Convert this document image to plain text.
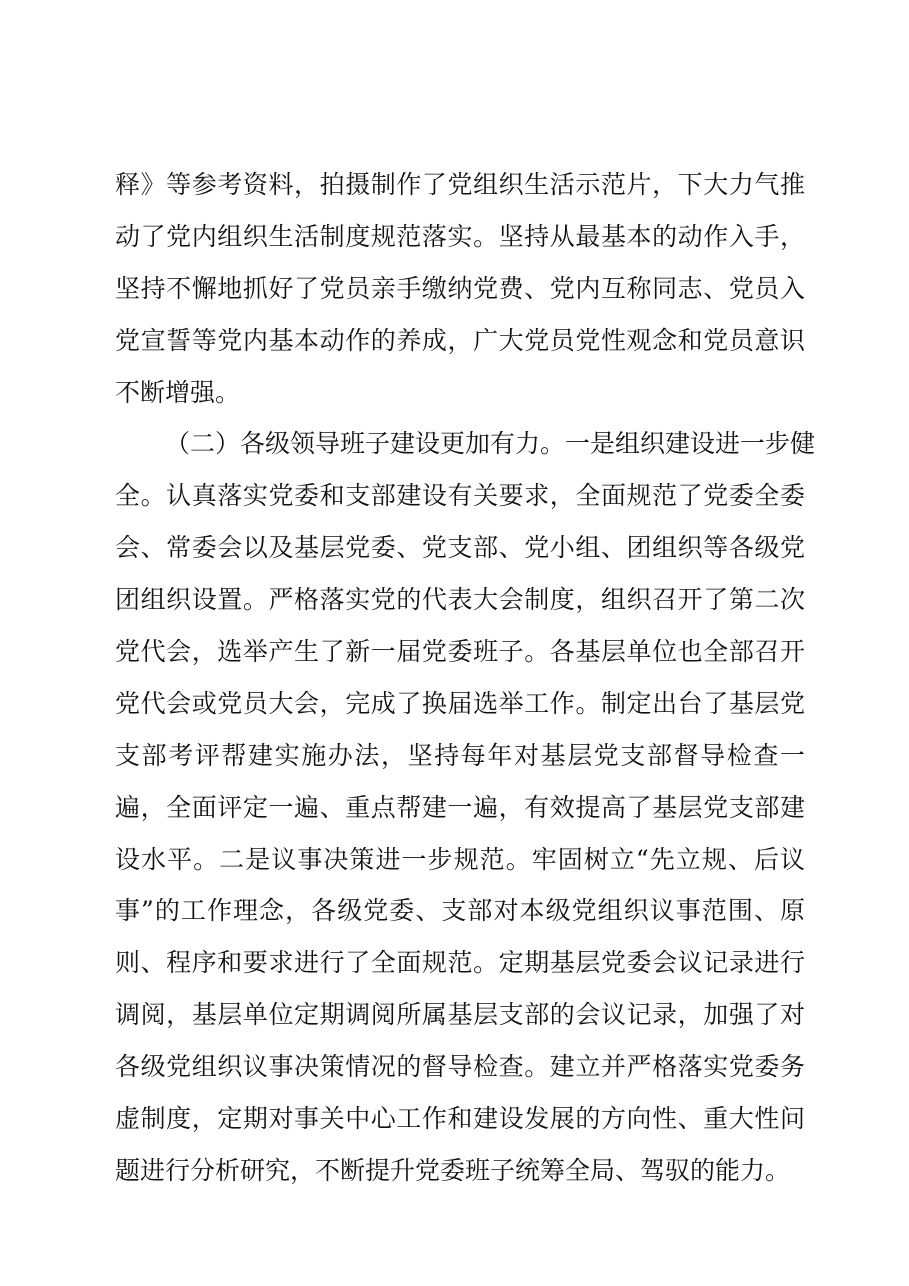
释》等参考资料，拍摄制作了党组织生活示范片，下大力气推
动了党内组织生活制度规范落实。坚持从最基本的动作入手，
坚持不懈地抓好了党员亲手缴纳党费、党内互称同志、党员入
党宣誓等党内基本动作的养成，广大党员党性观念和党员意识
不断增强。
（二）各级领导班子建设更加有力。一是组织建设进一步健
全。认真落实党委和支部建设有关要求，全面规范了党委全委
会、常委会以及基层党委、党支部、党小组、团组织等各级党
团组织设置。严格落实党的代表大会制度，组织召开了第二次
党代会，选举产生了新一届党委班子。各基层单位也全部召开
党代会或党员大会，完成了换届选举工作。制定出台了基层党
支部考评帮建实施办法，坚持每年对基层党支部督导检查一
遍，全面评定一遍、重点帮建一遍，有效提高了基层党支部建
设水平。二是议事决策进一步规范。牢固树立“先立规、后议
事”的工作理念，各级党委、支部对本级党组织议事范围、原
则、程序和要求进行了全面规范。定期基层党委会议记录进行
调阅，基层单位定期调阅所属基层支部的会议记录，加强了对
各级党组织议事决策情况的督导检查。建立并严格落实党委务
虚制度，定期对事关中心工作和建设发展的方向性、重大性问
题进行分析研究，不断提升党委班子统筹全局、驾驭的能力。
